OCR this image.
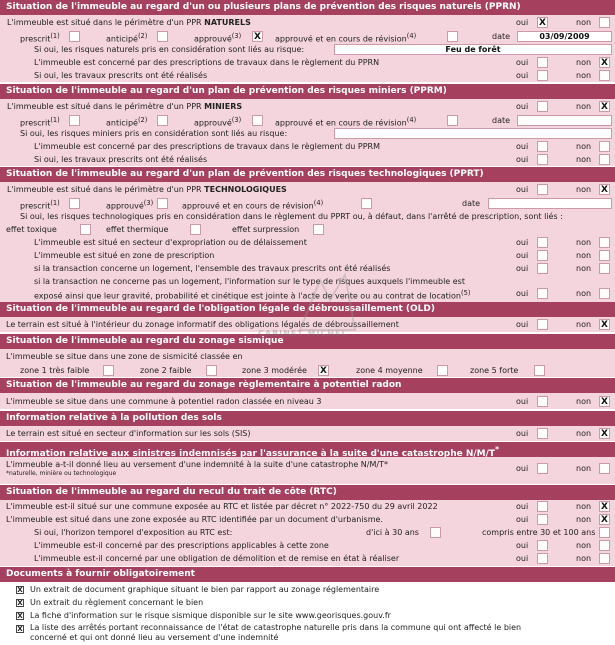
Situation de l'immeuble au regard d'un ou plusieurs plans de prévention des risques naturels (PPRN)
L'immeuble est situé dans le périmètre d'un PPR NATURELS	oui X	non
prescrit$^{(1)}$	anticipé$^{(2)}$	approuvé$^{(3)}$ X approuvé et en cours de révision$^{(4)}$	date	03/09/2009
Si oui, les risques naturels pris en considération sont liés au risque:	Feu de forêt
L'immeuble est concerné par des prescriptions de travaux dans le règlement du PPRN	oui	non X
Si oui, les travaux prescrits ont été réalisés	oui	non
Situation de l'immeuble au regard d'un plan de prévention des risques miniers (PPRM)
L'immeuble est situé dans le périmètre d'un PPR MINIERS	oui	non X
prescrit$^{(1)}$	anticipé$^{(2)}$	approuvé$^{(3)}$	approuvé et en cours de révision$^{(4)}$	date
Si oui, les risques miniers pris en considération sont liés au risque:
L'immeuble est concerné par des prescriptions de travaux dans le règlement du PPRM	oui	non
Si oui, les travaux prescrits ont été réalisés	oui	non
Situation de l'immeuble au regard d'un plan de prévention des risques technologiques (PPRT)
L'immeuble est situé dans le périmètre d'un PPR TECHNOLOGIQUES	oui	non X
prescrit$^{(1)}$	approuvé$^{(3)}$	approuvé et en cours de révision$^{(4)}$	date
Si oui, les risques technologiques pris en considération dans le règlement du PPRT ou, à défaut, dans l'arrêté de prescription, sont liés :
effet toxique	effet thermique	effet surpression
L'immeuble est situé en secteur d'expropriation ou de délaissement	oui	non
L'immeuble est situé en zone de prescription	oui	non
si la transaction concerne un logement, l'ensemble des travaux prescrits ont été réalisés	oui	non
si la transaction ne concerne pas un logement, l'information sur le type de risques auxquels l'immeuble est
exposé ainsi que leur gravité, probabilité et cinétique est jointe à l'acte de vente ou au contrat de location$^{(5)}$	oui	non
Situation de l'immeuble au regard de l'obligation légale de débroussaillement (OLD)
Le terrain est situé à l'intérieur du zonage informatif des obligations légales de débroussaillement	oui	non X
Situation de l'immeuble au regard du zonage sismique
L'immeuble se situe dans une zone de sismicité classée en
zone 1 très faible	zone 2 faible	zone 3 modérée X	zone 4 moyenne	zone 5 forte
Situation de l'immeuble au regard du zonage règlementaire à potentiel radon
L'immeuble se situe dans une commune à potentiel radon classée en niveau 3	oui	non X
Information relative à la pollution des sols
Le terrain est situé en secteur d'information sur les sols (SIS)	oui	non X
Information relative aux sinistres indemnisés par l'assurance à la suite d'une catastrophe N/M/T*
L'immeuble a-t-il donné lieu au versement d'une indemnité à la suite d'une catastrophe N/M/T*
*naturelle, minière ou technologique
oui	non
Situation de l'immeuble au regard du recul du trait de côte (RTC)
L'immeuble est-il situé sur une commune exposée au RTC et listée par décret n° 2022-750 du 29 avril 2022	oui	non X
L'immeuble est situé dans une zone exposée au RTC identifiée par un document d'urbanisme.	oui	non X
Si oui, l'horizon temporel d'exposition au RTC est:	d'ici à 30 ans	compris entre 30 et 100 ans
L'immeuble est-il concerné par des prescriptions applicables à cette zone	oui	non
L'immeuble est-il concerné par une obligation de démolition et de remise en état à réaliser	oui	non
Documents à fournir obligatoirement
X Un extrait de document graphique situant le bien par rapport au zonage réglementaire
X Un extrait du règlement concernant le bien
X La fiche d'information sur le risque sismique disponible sur le site www.georisques.gouv.fr
X La liste des arrêtés portant reconnaissance de l'état de catastrophe naturelle pris dans la commune qui ont affecté le bien
concerné et qui ont donné lieu au versement d'une indemnité
CABINET MICHEL
